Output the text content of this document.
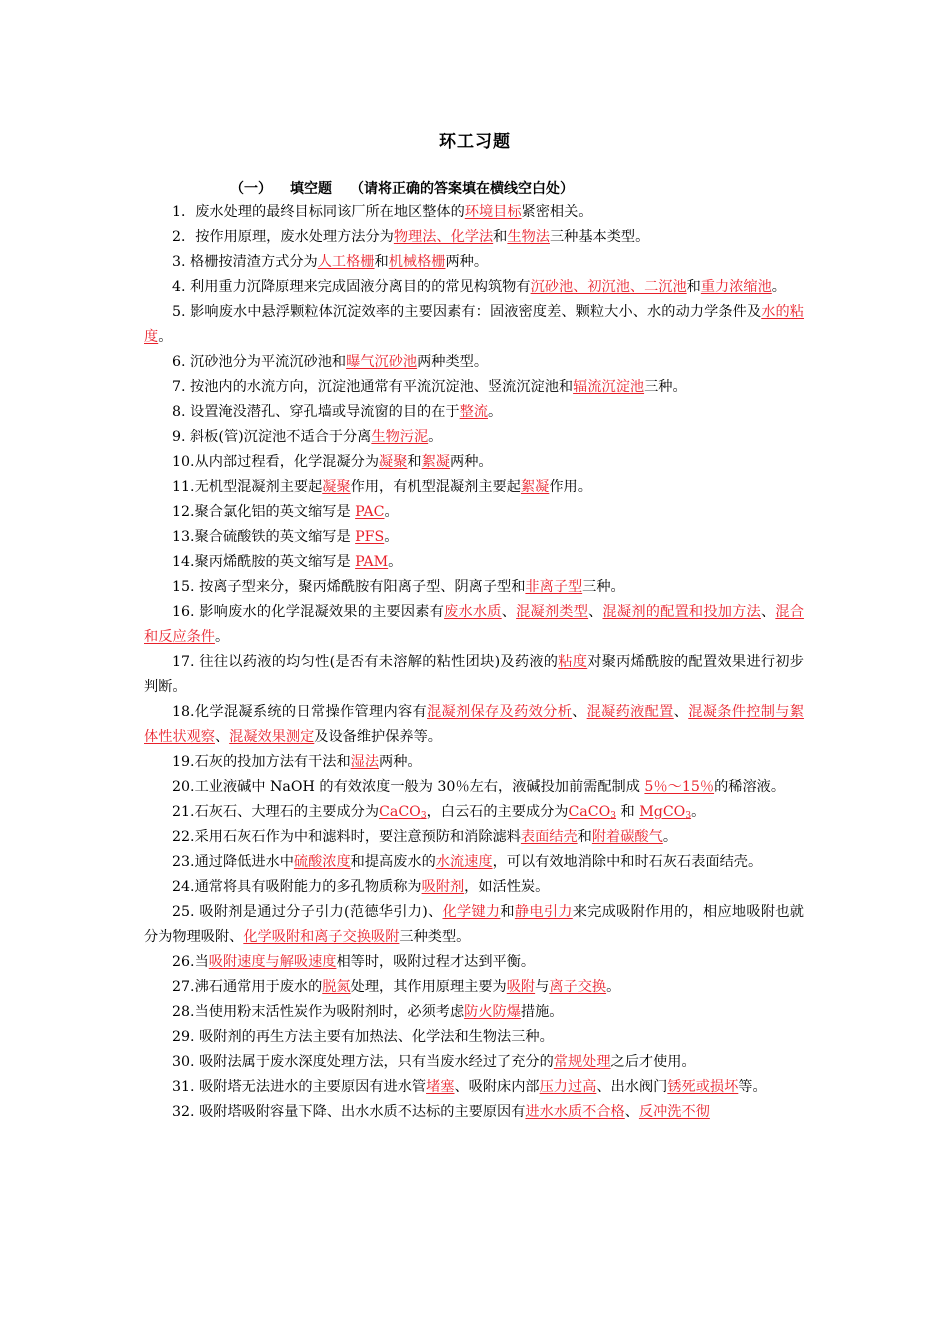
环工习题
（一） 填空题 （请将正确的答案填在横线空白处）

1．废水处理的最终目标同该厂所在地区整体的环境目标紧密相关。

2．按作用原理，废水处理方法分为物理法、化学法和生物法三种基本类型。

3. 格栅按清渣方式分为人工格栅和机械格栅两种。

4. 利用重力沉降原理来完成固液分离目的的常见构筑物有沉砂池、初沉池、二沉池和重力浓缩池。

5. 影响废水中悬浮颗粒体沉淀效率的主要因素有：固液密度差、颗粒大小、水的动力学条件及水的粘度。

6. 沉砂池分为平流沉砂池和曝气沉砂池两种类型。

7. 按池内的水流方向，沉淀池通常有平流沉淀池、竖流沉淀池和辐流沉淀池三种。

8. 设置淹没潜孔、穿孔墙或导流窗的目的在于整流。

9. 斜板(管)沉淀池不适合于分离生物污泥。

10.从内部过程看，化学混凝分为凝聚和絮凝两种。

11.无机型混凝剂主要起凝聚作用，有机型混凝剂主要起絮凝作用。

12.聚合氯化铝的英文缩写是 PAC。

13.聚合硫酸铁的英文缩写是 PFS。

14.聚丙烯酰胺的英文缩写是 PAM。

15. 按离子型来分，聚丙烯酰胺有阳离子型、阴离子型和非离子型三种。

16. 影响废水的化学混凝效果的主要因素有废水水质、混凝剂类型、混凝剂的配置和投加方法、混合和反应条件。

17. 往往以药液的均匀性(是否有未溶解的粘性团块)及药液的粘度对聚丙烯酰胺的配置效果进行初步判断。

18.化学混凝系统的日常操作管理内容有混凝剂保存及药效分析、混凝药液配置、混凝条件控制与絮体性状观察、混凝效果测定及设备维护保养等。

19.石灰的投加方法有干法和湿法两种。

20.工业液碱中 NaOH 的有效浓度一般为 30％左右，液碱投加前需配制成 5％～15％的稀溶液。

21.石灰石、大理石的主要成分为CaCO$_3$，白云石的主要成分为CaCO$_3$ 和 MgCO$_3$。

22.采用石灰石作为中和滤料时，要注意预防和消除滤料表面结壳和附着碳酸气。

23.通过降低进水中硫酸浓度和提高废水的水流速度，可以有效地消除中和时石灰石表面结壳。

24.通常将具有吸附能力的多孔物质称为吸附剂，如活性炭。

25. 吸附剂是通过分子引力(范德华引力)、化学键力和静电引力来完成吸附作用的，相应地吸附也就分为物理吸附、化学吸附和离子交换吸附三种类型。

26.当吸附速度与解吸速度相等时，吸附过程才达到平衡。

27.沸石通常用于废水的脱氮处理，其作用原理主要为吸附与离子交换。

28.当使用粉末活性炭作为吸附剂时，必须考虑防火防爆措施。

29. 吸附剂的再生方法主要有加热法、化学法和生物法三种。

30. 吸附法属于废水深度处理方法，只有当废水经过了充分的常规处理之后才使用。

31. 吸附塔无法进水的主要原因有进水管堵塞、吸附床内部压力过高、出水阀门锈死或损坏等。

32. 吸附塔吸附容量下降、出水水质不达标的主要原因有进水水质不合格、反冲洗不彻
